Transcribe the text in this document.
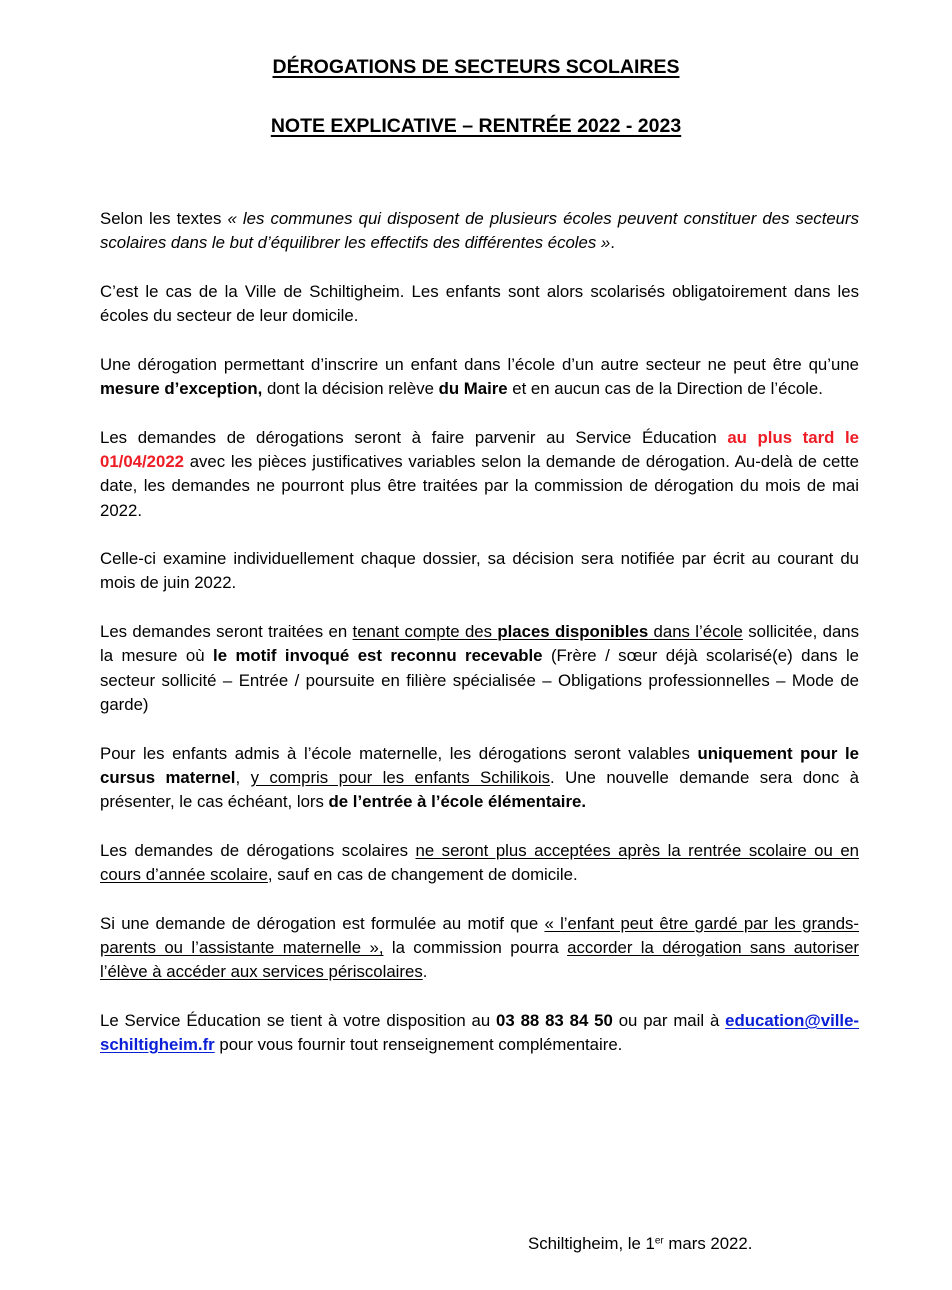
DÉROGATIONS DE SECTEURS SCOLAIRES
NOTE EXPLICATIVE – RENTRÉE 2022 - 2023

Selon les textes « les communes qui disposent de plusieurs écoles peuvent constituer des secteurs scolaires dans le but d’équilibrer les effectifs des différentes écoles ».

C’est le cas de la Ville de Schiltigheim. Les enfants sont alors scolarisés obligatoirement dans les écoles du secteur de leur domicile.

Une dérogation permettant d’inscrire un enfant dans l’école d’un autre secteur ne peut être qu’une mesure d’exception, dont la décision relève du Maire et en aucun cas de la Direction de l’école.

Les demandes de dérogations seront à faire parvenir au Service Éducation au plus tard le 01/04/2022 avec les pièces justificatives variables selon la demande de dérogation. Au-delà de cette date, les demandes ne pourront plus être traitées par la commission de dérogation du mois de mai 2022.

Celle-ci examine individuellement chaque dossier, sa décision sera notifiée par écrit au courant du mois de juin 2022.

Les demandes seront traitées en tenant compte des places disponibles dans l’école sollicitée, dans la mesure où le motif invoqué est reconnu recevable (Frère / sœur déjà scolarisé(e) dans le secteur sollicité – Entrée / poursuite en filière spécialisée – Obligations professionnelles – Mode de garde)

Pour les enfants admis à l’école maternelle, les dérogations seront valables uniquement pour le cursus maternel, y compris pour les enfants Schilikois. Une nouvelle demande sera donc à présenter, le cas échéant, lors de l’entrée à l’école élémentaire.

Les demandes de dérogations scolaires ne seront plus acceptées après la rentrée scolaire ou en cours d’année scolaire, sauf en cas de changement de domicile.

Si une demande de dérogation est formulée au motif que « l’enfant peut être gardé par les grands-parents ou l’assistante maternelle », la commission pourra accorder la dérogation sans autoriser l’élève à accéder aux services périscolaires.

Le Service Éducation se tient à votre disposition au 03 88 83 84 50 ou par mail à education@ville-schiltigheim.fr pour vous fournir tout renseignement complémentaire.

Schiltigheim, le 1er mars 2022.
